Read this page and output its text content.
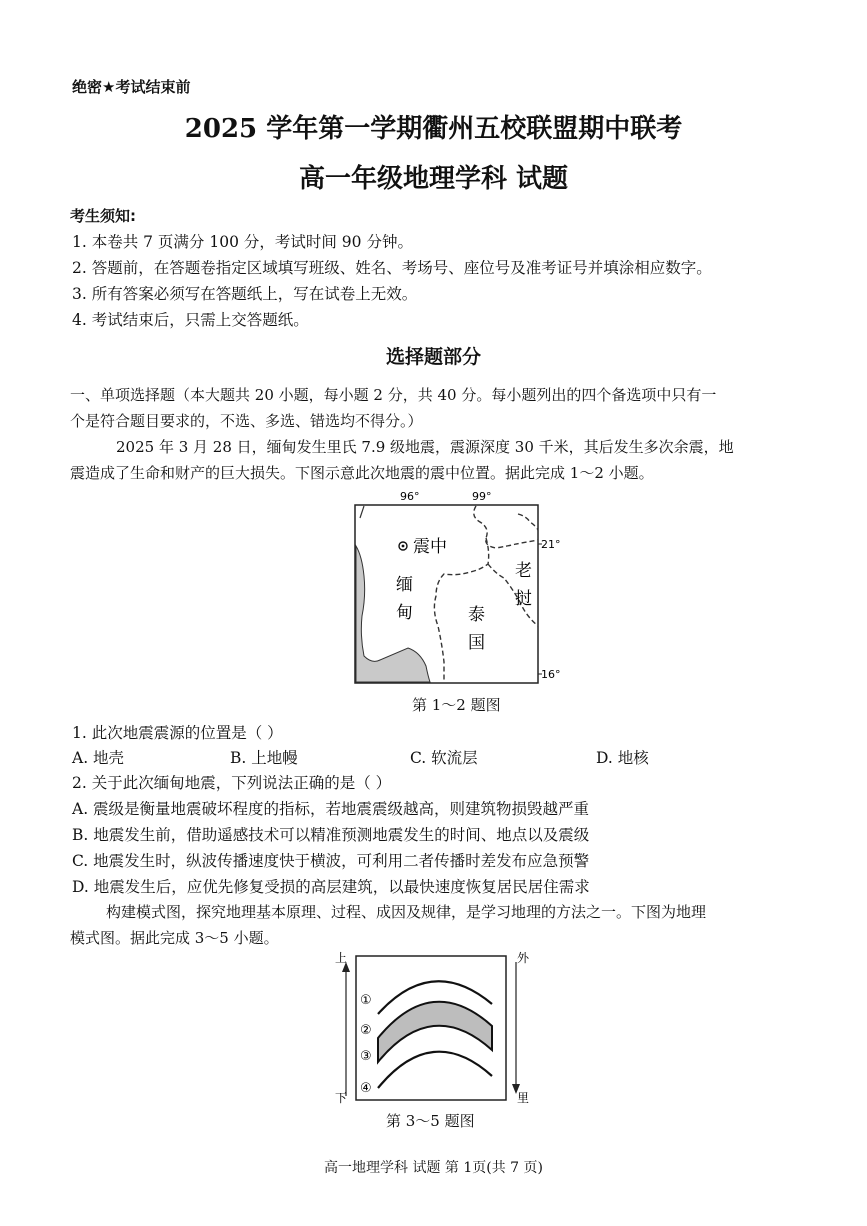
绝密★考试结束前
2025 学年第一学期衢州五校联盟期中联考
高一年级地理学科 试题
考生须知:
1. 本卷共 7 页满分 100 分，考试时间 90 分钟。
2. 答题前，在答题卷指定区域填写班级、姓名、考场号、座位号及准考证号并填涂相应数字。
3. 所有答案必须写在答题纸上，写在试卷上无效。
4. 考试结束后，只需上交答题纸。
选择题部分
一、单项选择题（本大题共 20 小题，每小题 2 分，共 40 分。每小题列出的四个备选项中只有一
个是符合题目要求的，不选、多选、错选均不得分。）
2025 年 3 月 28 日，缅甸发生里氏 7.9 级地震，震源深度 30 千米，其后发生多次余震，地
震造成了生命和财产的巨大损失。下图示意此次地震的震中位置。据此完成 1～2 小题。
96°	99°
21°
16°
震中
缅
甸	泰
国
老
挝
第 1～2 题图
1. 此次地震震源的位置是（ ）
A. 地壳	B. 上地幔	C. 软流层	D. 地核
2. 关于此次缅甸地震，下列说法正确的是（ ）
A. 震级是衡量地震破坏程度的指标，若地震震级越高，则建筑物损毁越严重
B. 地震发生前，借助遥感技术可以精准预测地震发生的时间、地点以及震级
C. 地震发生时，纵波传播速度快于横波，可利用二者传播时差发布应急预警
D. 地震发生后，应优先修复受损的高层建筑，以最快速度恢复居民居住需求
构建模式图，探究地理基本原理、过程、成因及规律，是学习地理的方法之一。下图为地理
模式图。据此完成 3～5 小题。
上
下
外
里
①
②
③
④
第 3～5 题图
高一地理学科 试题 第 1页(共 7 页)
